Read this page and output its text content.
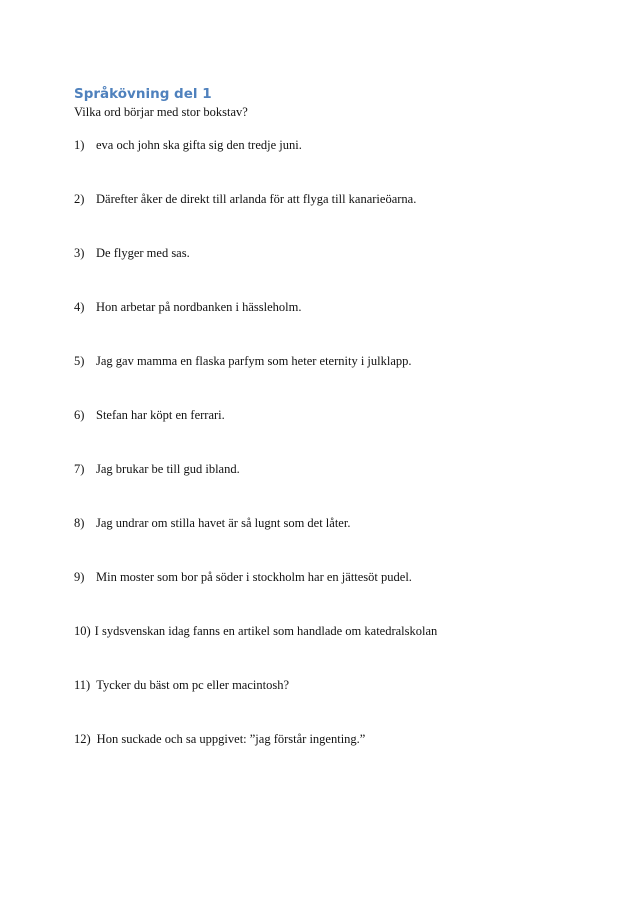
Språkövning del 1

Vilka ord börjar med stor bokstav?

1) eva och john ska gifta sig den tredje juni.
2) Därefter åker de direkt till arlanda för att flyga till kanarieöarna.
3) De flyger med sas.
4) Hon arbetar på nordbanken i hässleholm.
5) Jag gav mamma en flaska parfym som heter eternity i julklapp.
6) Stefan har köpt en ferrari.
7) Jag brukar be till gud ibland.
8) Jag undrar om stilla havet är så lugnt som det låter.
9) Min moster som bor på söder i stockholm har en jättesöt pudel.
10) I sydsvenskan idag fanns en artikel som handlade om katedralskolan
11) Tycker du bäst om pc eller macintosh?
12) Hon suckade och sa uppgivet: ”jag förstår ingenting.”
